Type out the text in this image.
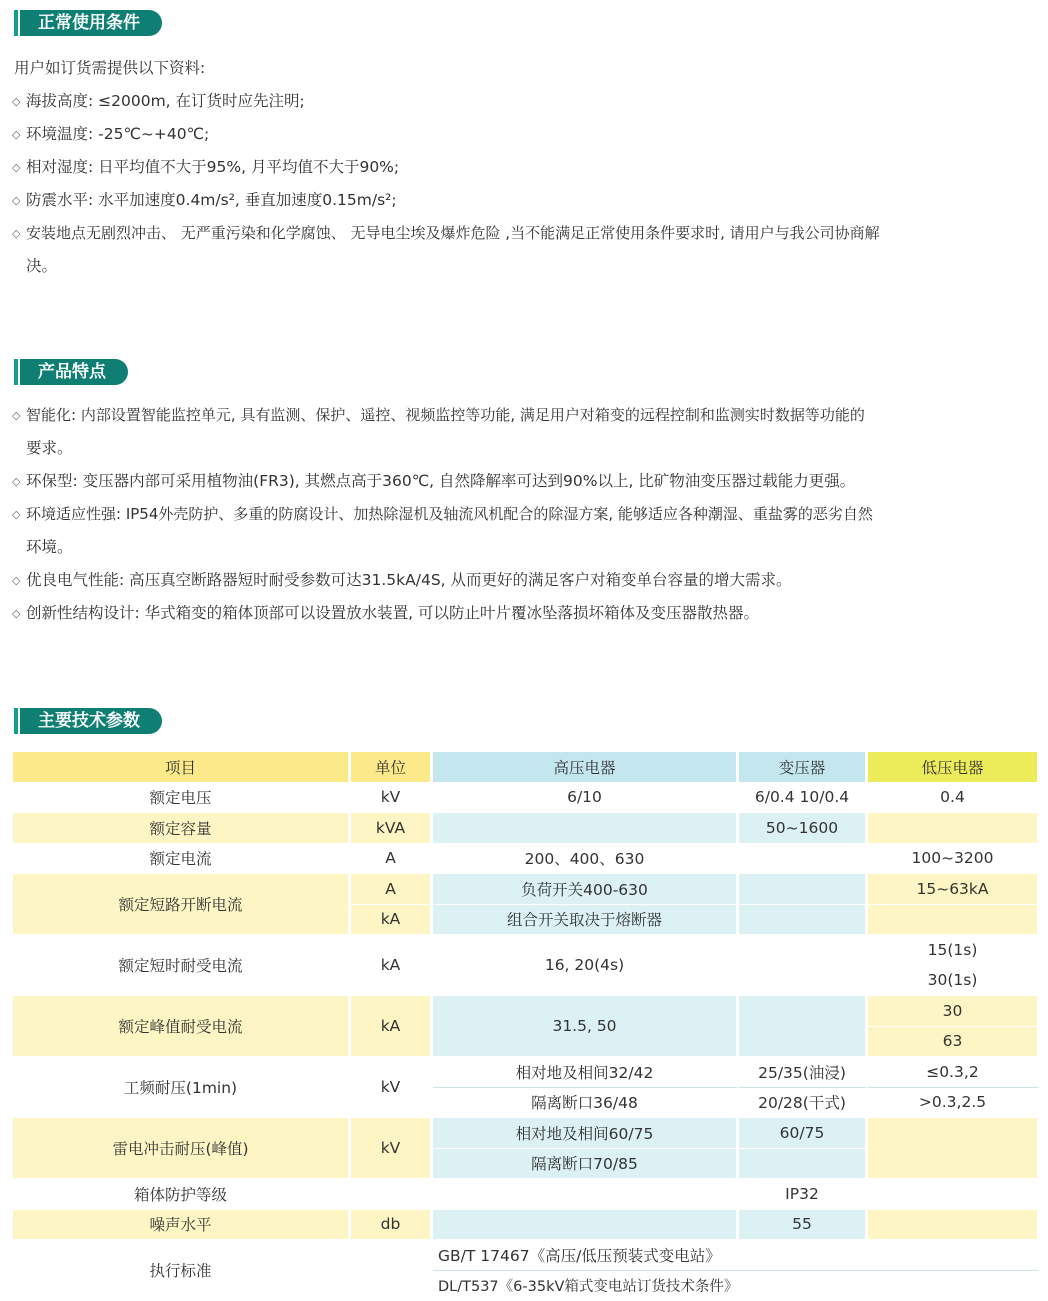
正常使用条件
用户如订货需提供以下资料:
◇ 海拔高度: ≤2000m, 在订货时应先注明;
◇ 环境温度: -25℃~+40℃;
◇ 相对湿度: 日平均值不大于95%, 月平均值不大于90%;
◇ 防震水平: 水平加速度0.4m/s², 垂直加速度0.15m/s²;
◇ 安装地点无剧烈冲击、 无严重污染和化学腐蚀、 无导电尘埃及爆炸危险 ,当不能满足正常使用条件要求时, 请用户与我公司协商解
决。
产品特点
◇ 智能化: 内部设置智能监控单元, 具有监测、保护、遥控、视频监控等功能, 满足用户对箱变的远程控制和监测实时数据等功能的
要求。
◇ 环保型: 变压器内部可采用植物油(FR3), 其燃点高于360℃, 自然降解率可达到90%以上, 比矿物油变压器过载能力更强。
◇ 环境适应性强: IP54外壳防护、多重的防腐设计、加热除湿机及轴流风机配合的除湿方案, 能够适应各种潮湿、重盐雾的恶劣自然
环境。
◇ 优良电气性能: 高压真空断路器短时耐受参数可达31.5kA/4S, 从而更好的满足客户对箱变单台容量的增大需求。
◇ 创新性结构设计: 华式箱变的箱体顶部可以设置放水装置, 可以防止叶片覆冰坠落损坏箱体及变压器散热器。
主要技术参数
项目	单位	高压电器	变压器	低压电器
额定电压	kV	6/10	6/0.4 10/0.4	0.4
额定容量	kVA		50~1600	
额定电流	A	200、400、630		100~3200
额定短路开断电流	A	负荷开关400-630		15~63kA
	kA	组合开关取决于熔断器		
额定短时耐受电流	kA	16, 20(4s)		15(1s)
				30(1s)
额定峰值耐受电流	kA	31.5, 50		30
				63
工频耐压(1min)	kV	相对地及相间32/42	25/35(油浸)	≤0.3,2
		隔离断口36/48	20/28(干式)	>0.3,2.5
雷电冲击耐压(峰值)	kV	相对地及相间60/75	60/75	
		隔离断口70/85		
箱体防护等级			IP32	
噪声水平	db		55	
执行标准		GB/T 17467《高压/低压预装式变电站》		
		DL/T537《6-35kV箱式变电站订货技术条件》		
